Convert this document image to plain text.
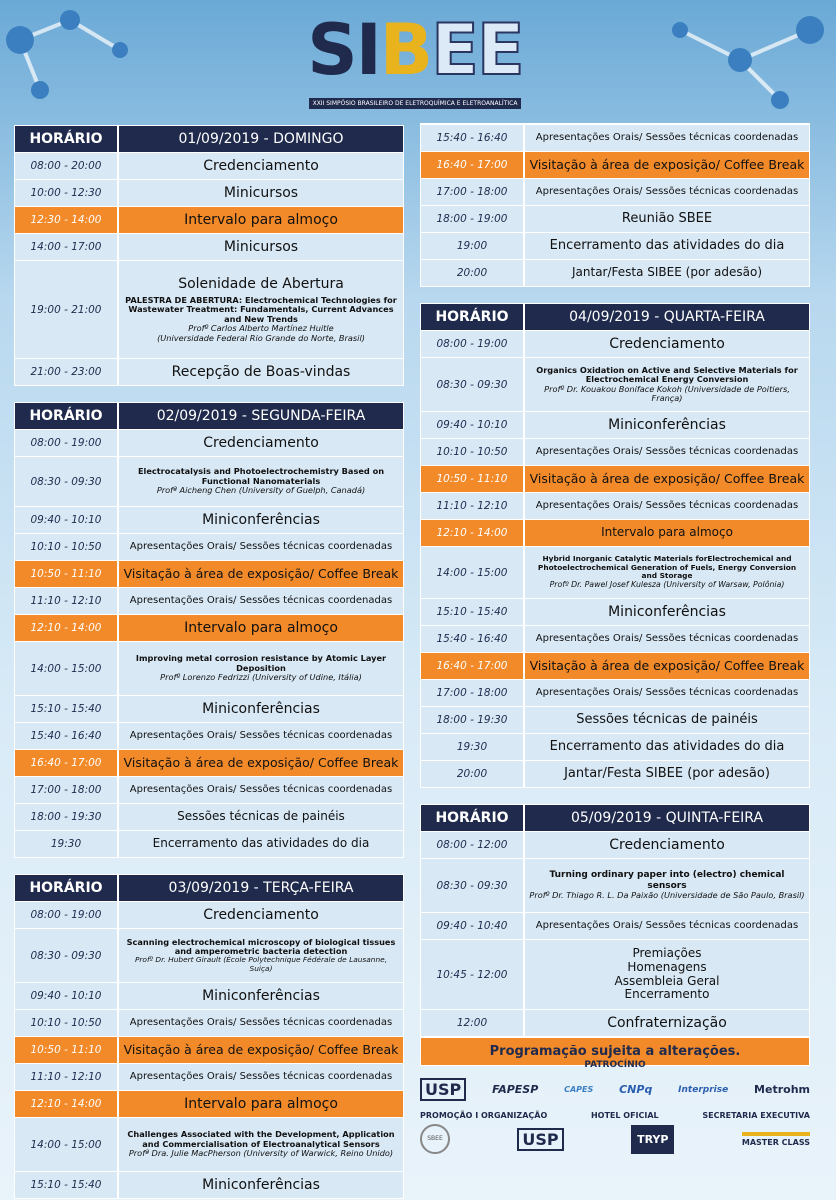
SIBEE
XXII SIMPÓSIO BRASILEIRO DE ELETROQUÍMICA E ELETROANALÍTICA
HORÁRIO	01/09/2019 - DOMINGO
08:00 - 20:00	Credenciamento
10:00 - 12:30	Minicursos
12:30 - 14:00	Intervalo para almoço
14:00 - 17:00	Minicursos
19:00 - 21:00
Solenidade de Abertura
PALESTRA DE ABERTURA: Electrochemical Technologies for Wastewater Treatment: Fundamentals, Current Advances and New Trends
Profº Carlos Alberto Martínez Huitle
(Universidade Federal Rio Grande do Norte, Brasil)
21:00 - 23:00	Recepção de Boas-vindas
HORÁRIO	02/09/2019 - SEGUNDA-FEIRA
08:00 - 19:00	Credenciamento
08:30 - 09:30
Electrocatalysis and Photoelectrochemistry Based on Functional Nanomaterials
Profª Aicheng Chen (University of Guelph, Canadá)
09:40 - 10:10	Miniconferências
10:10 - 10:50	Apresentações Orais/ Sessões técnicas coordenadas
10:50 - 11:10	Visitação à área de exposição/ Coffee Break
11:10 - 12:10	Apresentações Orais/ Sessões técnicas coordenadas
12:10 - 14:00	Intervalo para almoço
14:00 - 15:00
Improving metal corrosion resistance by Atomic Layer Deposition
Profº Lorenzo Fedrizzi (University of Udine, Itália)
15:10 - 15:40	Miniconferências
15:40 - 16:40	Apresentações Orais/ Sessões técnicas coordenadas
16:40 - 17:00	Visitação à área de exposição/ Coffee Break
17:00 - 18:00	Apresentações Orais/ Sessões técnicas coordenadas
18:00 - 19:30	Sessões técnicas de painéis
19:30	Encerramento das atividades do dia
HORÁRIO	03/09/2019 - TERÇA-FEIRA
08:00 - 19:00	Credenciamento
08:30 - 09:30
Scanning electrochemical microscopy of biological tissues and amperometric bacteria detection
Profº Dr. Hubert Girault (École Polytechnique Fédérale de Lausanne, Suiça)
09:40 - 10:10	Miniconferências
10:10 - 10:50	Apresentações Orais/ Sessões técnicas coordenadas
10:50 - 11:10	Visitação à área de exposição/ Coffee Break
11:10 - 12:10	Apresentações Orais/ Sessões técnicas coordenadas
12:10 - 14:00	Intervalo para almoço
14:00 - 15:00
Challenges Associated with the Development, Application and Commercialisation of Electroanalytical Sensors
Profª Dra. Julie MacPherson (University of Warwick, Reino Unido)
15:10 - 15:40	Miniconferências
15:40 - 16:40	Apresentações Orais/ Sessões técnicas coordenadas
16:40 - 17:00	Visitação à área de exposição/ Coffee Break
17:00 - 18:00	Apresentações Orais/ Sessões técnicas coordenadas
18:00 - 19:00	Reunião SBEE
19:00	Encerramento das atividades do dia
20:00	Jantar/Festa SIBEE (por adesão)
HORÁRIO	04/09/2019 - QUARTA-FEIRA
08:00 - 19:00	Credenciamento
08:30 - 09:30
Organics Oxidation on Active and Selective Materials for Electrochemical Energy Conversion
Profº Dr. Kouakou Boniface Kokoh (Universidade de Poitiers, França)
09:40 - 10:10	Miniconferências
10:10 - 10:50	Apresentações Orais/ Sessões técnicas coordenadas
10:50 - 11:10	Visitação à área de exposição/ Coffee Break
11:10 - 12:10	Apresentações Orais/ Sessões técnicas coordenadas
12:10 - 14:00	Intervalo para almoço
14:00 - 15:00
Hybrid Inorganic Catalytic Materials forElectrochemical and Photoelectrochemical Generation of Fuels, Energy Conversion and Storage
Profº Dr. Pawel Josef Kulesza (University of Warsaw, Polônia)
15:10 - 15:40	Miniconferências
15:40 - 16:40	Apresentações Orais/ Sessões técnicas coordenadas
16:40 - 17:00	Visitação à área de exposição/ Coffee Break
17:00 - 18:00	Apresentações Orais/ Sessões técnicas coordenadas
18:00 - 19:30	Sessões técnicas de painéis
19:30	Encerramento das atividades do dia
20:00	Jantar/Festa SIBEE (por adesão)
HORÁRIO	05/09/2019 - QUINTA-FEIRA
08:00 - 12:00	Credenciamento
08:30 - 09:30
Turning ordinary paper into (electro) chemical sensors
Profº Dr. Thiago R. L. Da Paixão (Universidade de São Paulo, Brasil)
09:40 - 10:40	Apresentações Orais/ Sessões técnicas coordenadas
10:45 - 12:00
Premiações
Homenagens
Assembleia Geral
Encerramento
12:00	Confraternização
Programação sujeita a alterações.
PATROCÍNIO
USP	FAPESP	CAPES CNPq	Interprise Metrohm
PROMOÇÃO I ORGANIZAÇÃO	HOTEL OFICIAL	SECRETARIA EXECUTIVA
SBEE	USP	TRYP	MASTER CLASS
